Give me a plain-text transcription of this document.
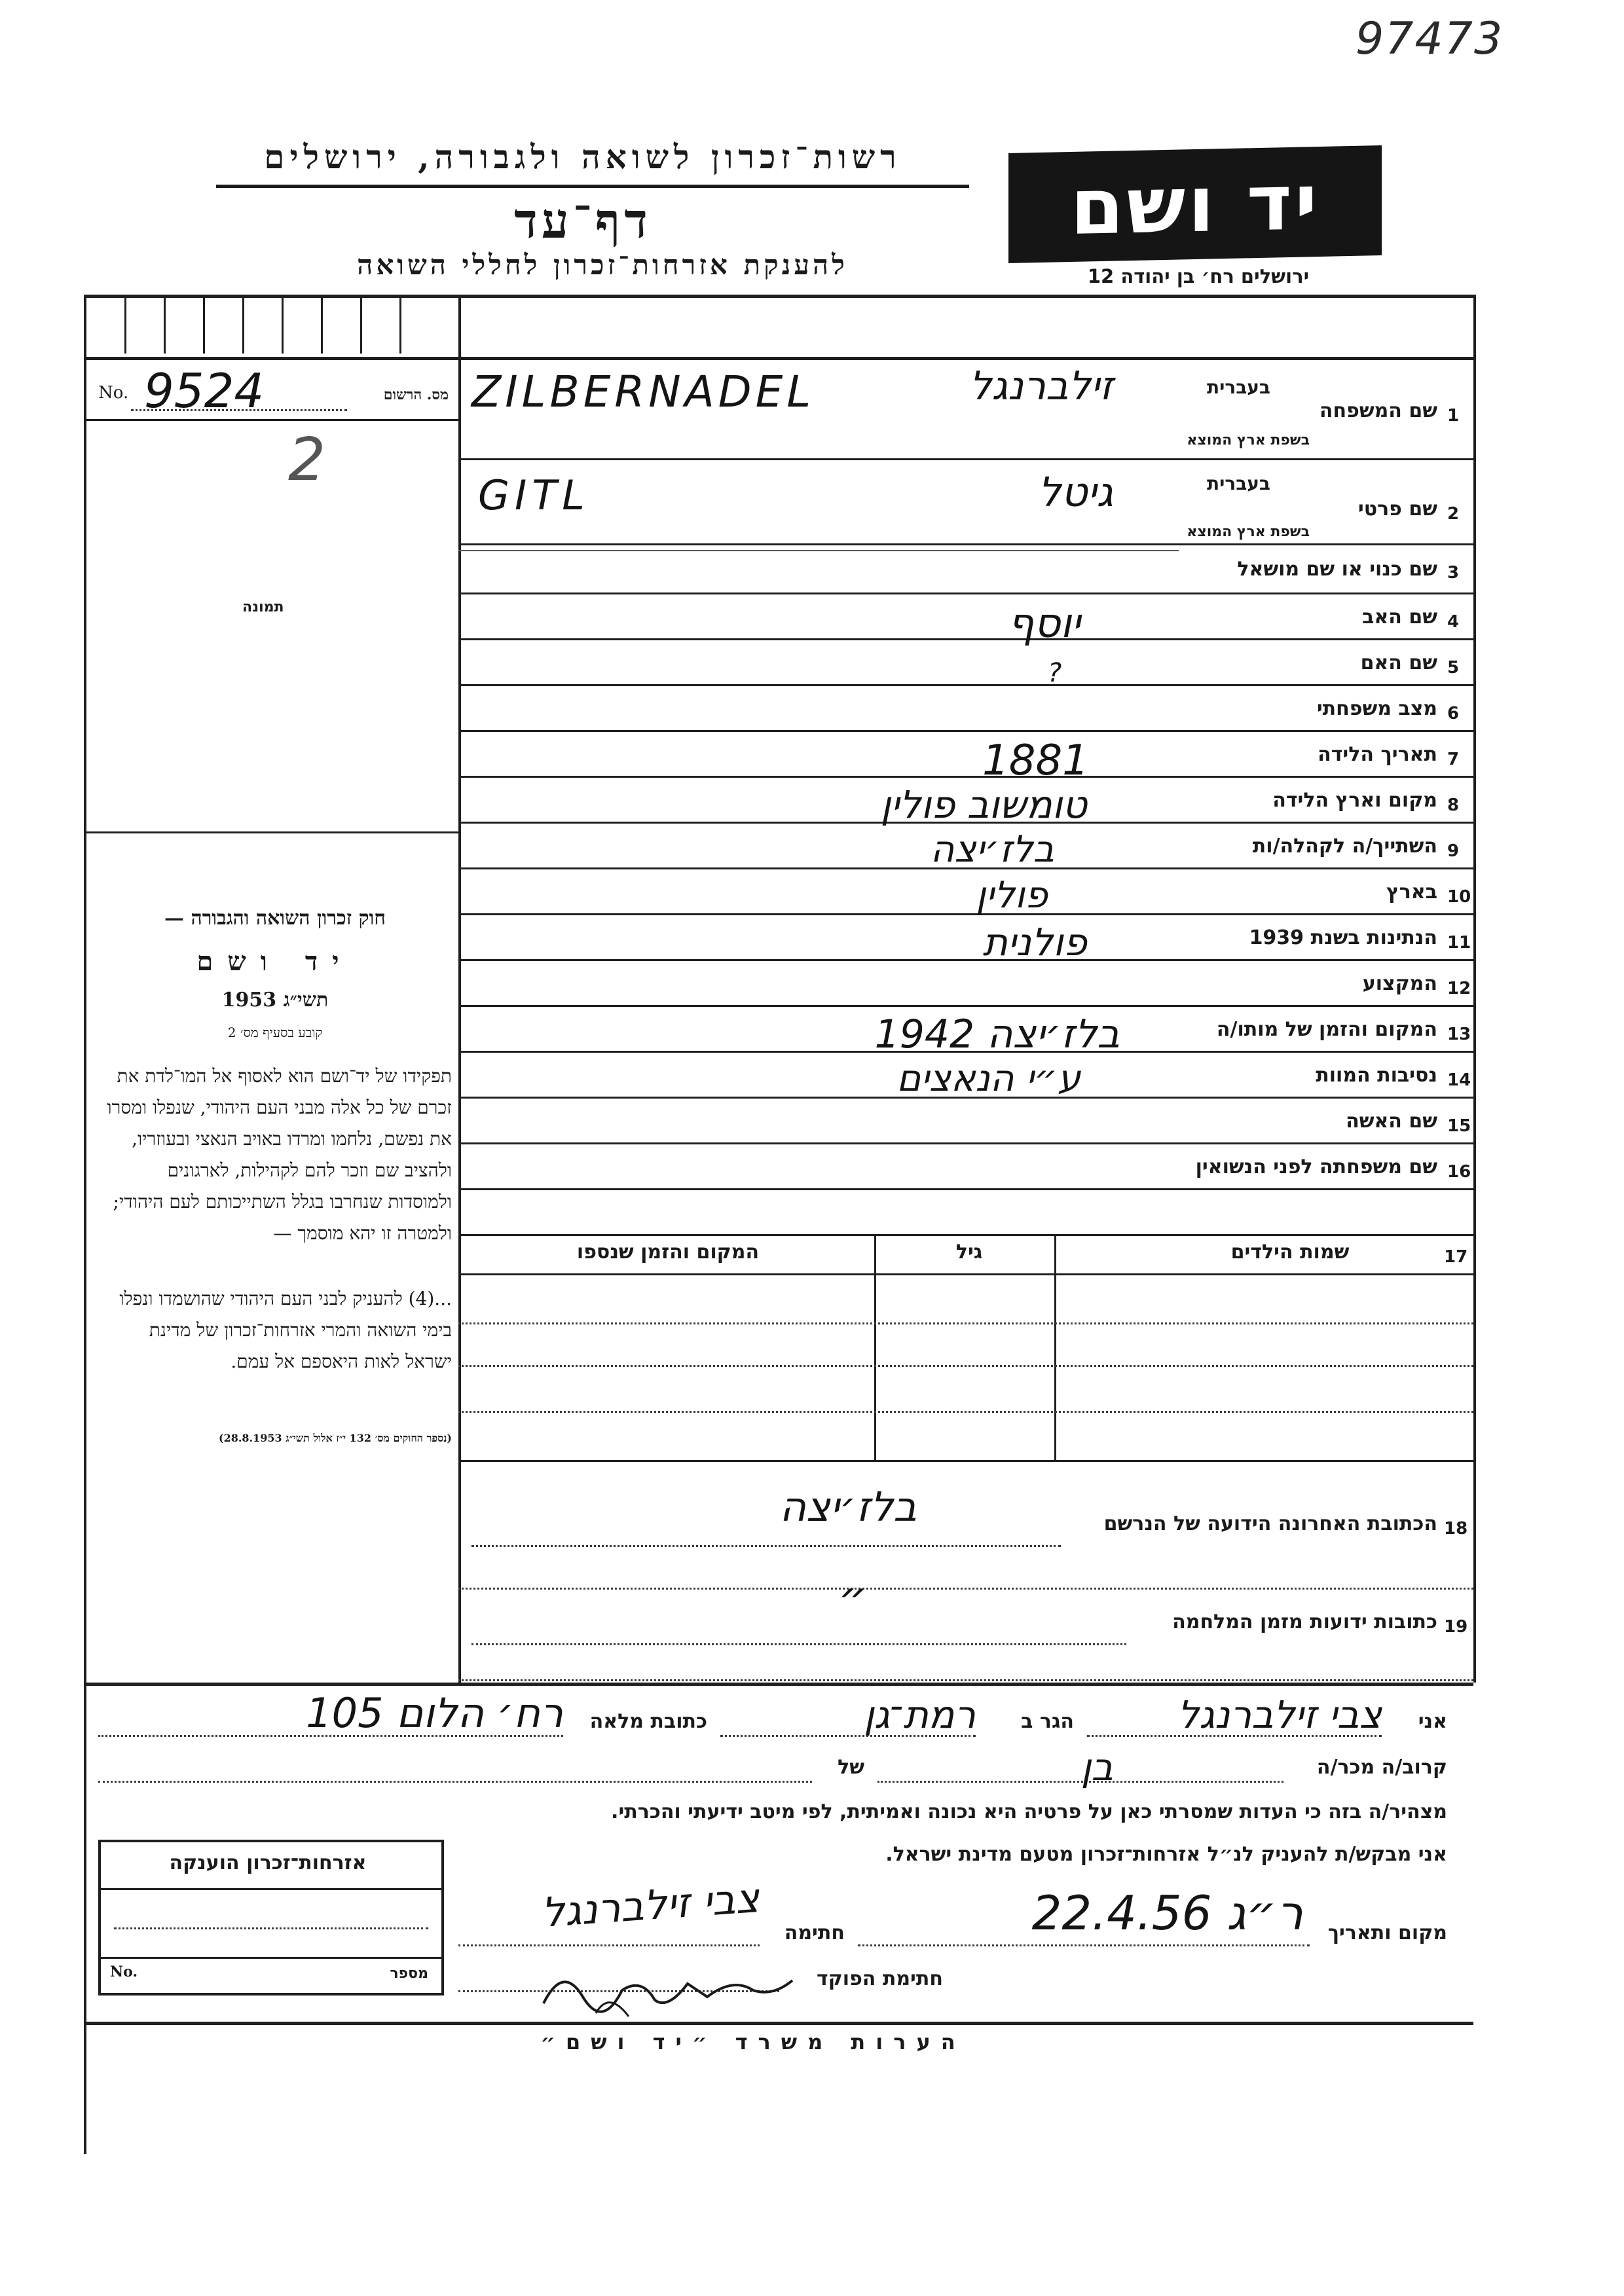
97473
רשות־זכרון לשואה ולגבורה, ירושלים
דף־עד
להענקת אזרחות־זכרון לחללי השואה
יד ושם
ירושלים רח׳ בן יהודה 12
No.	מס. הרשום
9524
2
תמונה
1
שם המשפחה
בעברית
בשפת ארץ המוצא
ZILBERNADEL	זילברנגל
2
שם פרטי
בעברית
בשפת ארץ המוצא
GITL	גיטל
3
שם כנוי או שם מושאל
4
שם האב
יוסף
5
שם האם
?
6
מצב משפחתי
7
תאריך הלידה
1881
8
מקום וארץ הלידה
טומשוב פולין
9
השתייך/ה לקהלה/ות
בלז׳יצה
10
בארץ
פולין
11
הנתינות בשנת 1939
פולנית
12
המקצוע
13
המקום והזמן של מותו/ה
בלז׳יצה 1942
14
נסיבות המוות
ע״י הנאצים
15
שם האשה
16
שם משפחתה לפני הנשואין
17
שמות הילדים
גיל
המקום והזמן שנספו
18
הכתובת האחרונה הידועה של הנרשם
בלז׳יצה
19
כתובות ידועות מזמן המלחמה
״
חוק זכרון השואה והגבורה —
יד ושם
תשי״ג 1953
קובע בסעיף מס׳ 2
תפקידו של יד־ושם הוא לאסוף אל המו־לדת את זכרם של כל אלה מבני העם היהודי, שנפלו ומסרו את נפשם, נלחמו ומרדו באויב הנאצי ובעוזריו, ולהציב שם וזכר להם לקהילות, לארגונים ולמוסדות שנחרבו בגלל השתייכותם לעם היהודי; ולמטרה זו יהא מוסמך —
...(4) להעניק לבני העם היהודי שהושמדו ונפלו בימי השואה והמרי אזרחות־זכרון של מדינת ישראל לאות היאספם אל עמם.
(נספר החוקים מס׳ 132 י״ז אלול תשי״ג 28.8.1953)
אני
צבי זילברנגל
הגר ב
רמת־גן
כתובת מלאה
רח׳ הלום 105
קרוב/ה מכר/ה
בן
של
מצהיר/ה בזה כי העדות שמסרתי כאן על פרטיה היא נכונה ואמיתית, לפי מיטב ידיעתי והכרתי.
אני מבקש/ת להעניק לנ״ל אזרחות־זכרון מטעם מדינת ישראל.
מקום ותאריך
ר״ג 22.4.56
חתימה
צבי זילברנגל
חתימת הפוקד
אזרחות־זכרון הוענקה
No.	מספר
הערות משרד ״יד ושם״
